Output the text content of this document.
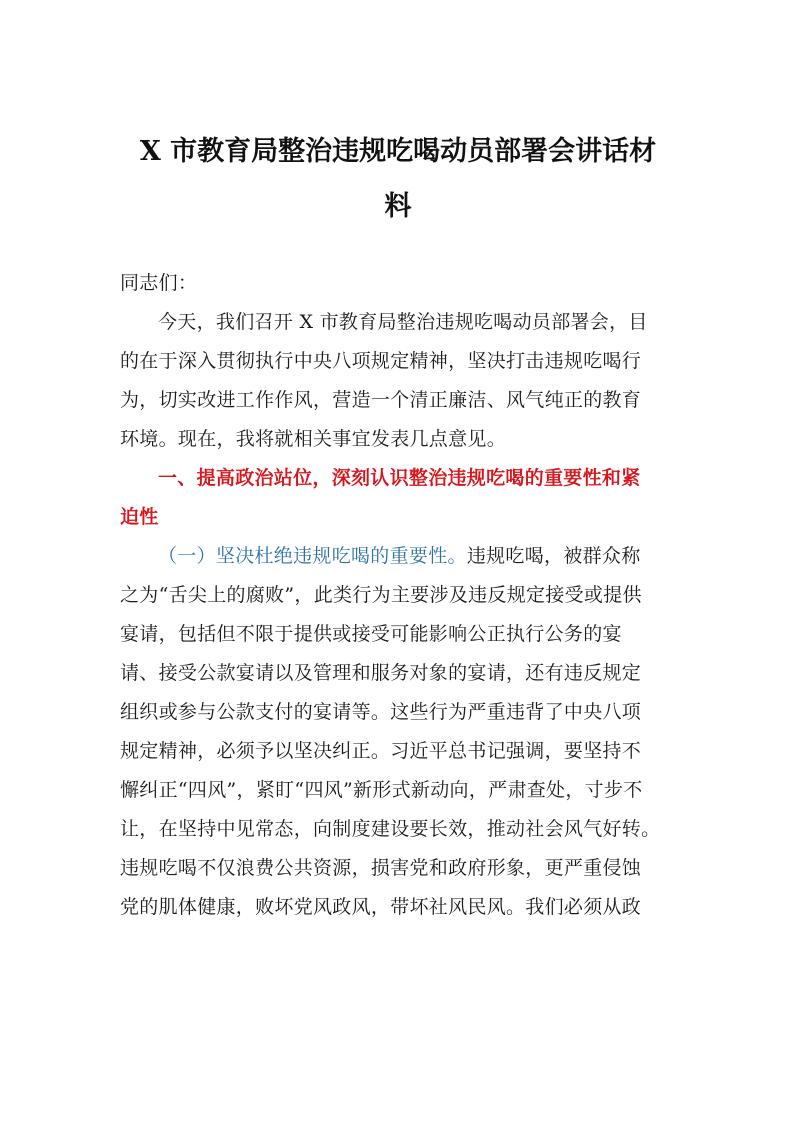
X 市教育局整治违规吃喝动员部署会讲话材
料
同志们：
今天，我们召开 X 市教育局整治违规吃喝动员部署会，目
的在于深入贯彻执行中央八项规定精神，坚决打击违规吃喝行
为，切实改进工作作风，营造一个清正廉洁、风气纯正的教育
环境。现在，我将就相关事宜发表几点意见。
一、提高政治站位，深刻认识整治违规吃喝的重要性和紧
迫性
（一）坚决杜绝违规吃喝的重要性。违规吃喝，被群众称
之为“舌尖上的腐败”，此类行为主要涉及违反规定接受或提供
宴请，包括但不限于提供或接受可能影响公正执行公务的宴
请、接受公款宴请以及管理和服务对象的宴请，还有违反规定
组织或参与公款支付的宴请等。这些行为严重违背了中央八项
规定精神，必须予以坚决纠正。习近平总书记强调，要坚持不
懈纠正“四风”，紧盯“四风”新形式新动向，严肃查处，寸步不
让，在坚持中见常态，向制度建设要长效，推动社会风气好转。
违规吃喝不仅浪费公共资源，损害党和政府形象，更严重侵蚀
党的肌体健康，败坏党风政风，带坏社风民风。我们必须从政
